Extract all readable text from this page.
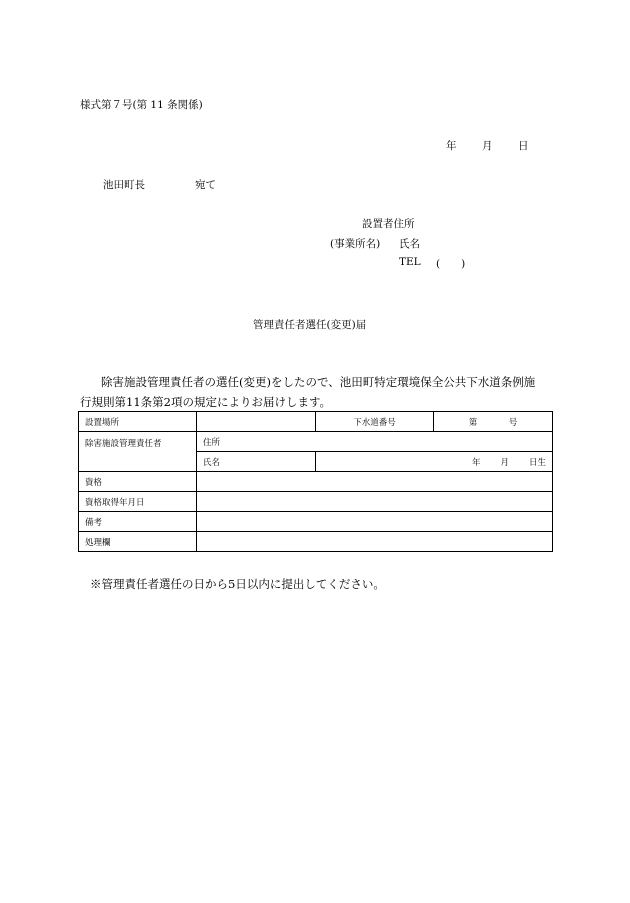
様式第７号(第 11 条関係)
年 月 日
池田町長	宛て
設置者住所
(事業所名) 氏名
TEL (　　)
管理責任者選任(変更)届
除害施設管理責任者の選任(変更)をしたので、池田町特定環境保全公共下水道条例施
行規則第11条第2項の規定によりお届けします。
設置場所		下水道番号	第 号
除害施設管理責任者	住所		
	氏名	年 月 日生	

資格			
資格取得年月日			
備考			
処理欄			
※管理責任者選任の日から5日以内に提出してください。
